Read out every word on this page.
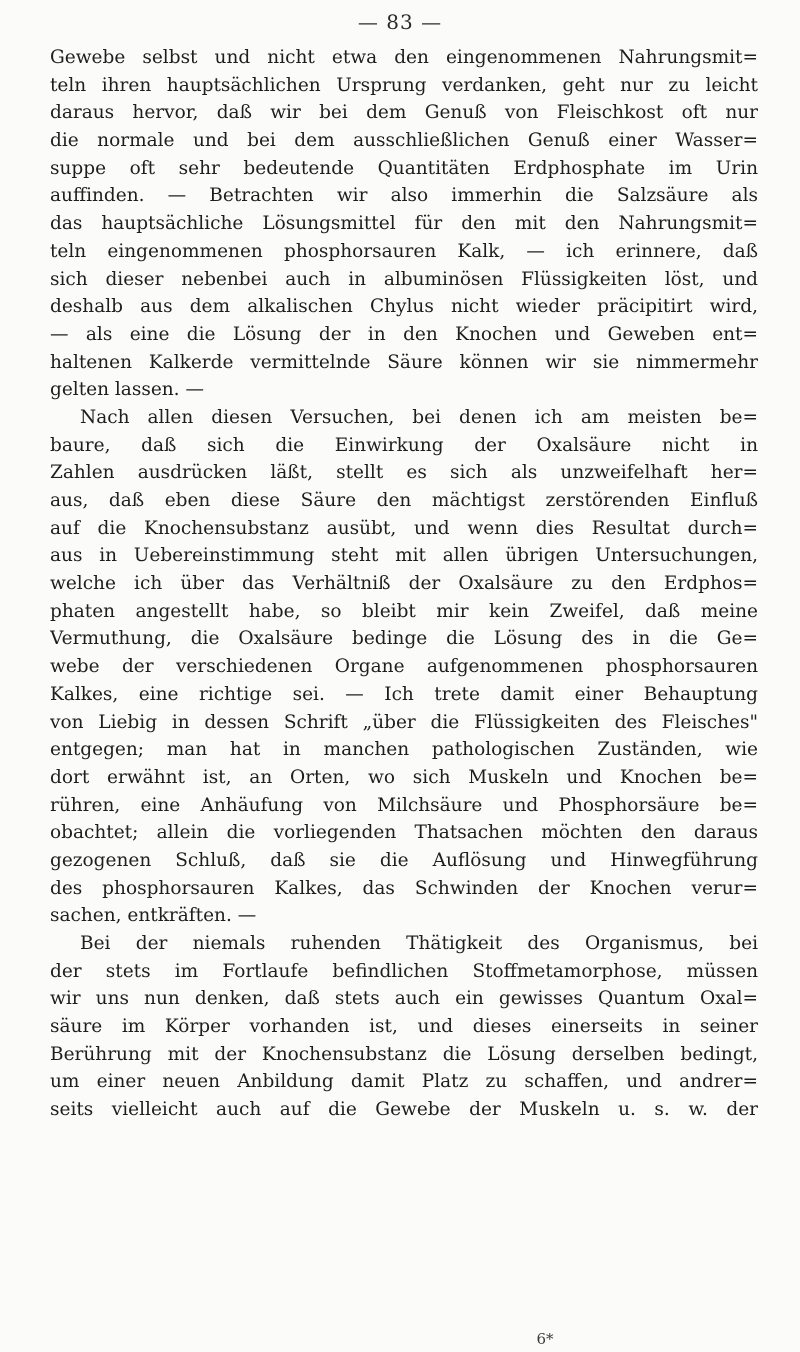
— 83 —
Gewebe selbst und nicht etwa den eingenommenen Nahrungsmit=
teln ihren hauptsächlichen Ursprung verdanken, geht nur zu leicht
daraus hervor, daß wir bei dem Genuß von Fleischkost oft nur
die normale und bei dem ausschließlichen Genuß einer Wasser=
suppe oft sehr bedeutende Quantitäten Erdphosphate im Urin
auffinden. — Betrachten wir also immerhin die Salzsäure als
das hauptsächliche Lösungsmittel für den mit den Nahrungsmit=
teln eingenommenen phosphorsauren Kalk, — ich erinnere, daß
sich dieser nebenbei auch in albuminösen Flüssigkeiten löst, und
deshalb aus dem alkalischen Chylus nicht wieder präcipitirt wird,
— als eine die Lösung der in den Knochen und Geweben ent=
haltenen Kalkerde vermittelnde Säure können wir sie nimmermehr
gelten lassen. —
Nach allen diesen Versuchen, bei denen ich am meisten be=
baure, daß sich die Einwirkung der Oxalsäure nicht in
Zahlen ausdrücken läßt, stellt es sich als unzweifelhaft her=
aus, daß eben diese Säure den mächtigst zerstörenden Einfluß
auf die Knochensubstanz ausübt, und wenn dies Resultat durch=
aus in Uebereinstimmung steht mit allen übrigen Untersuchungen,
welche ich über das Verhältniß der Oxalsäure zu den Erdphos=
phaten angestellt habe, so bleibt mir kein Zweifel, daß meine
Vermuthung, die Oxalsäure bedinge die Lösung des in die Ge=
webe der verschiedenen Organe aufgenommenen phosphorsauren
Kalkes, eine richtige sei. — Ich trete damit einer Behauptung
von Liebig in dessen Schrift „über die Flüssigkeiten des Fleisches"
entgegen; man hat in manchen pathologischen Zuständen, wie
dort erwähnt ist, an Orten, wo sich Muskeln und Knochen be=
rühren, eine Anhäufung von Milchsäure und Phosphorsäure be=
obachtet; allein die vorliegenden Thatsachen möchten den daraus
gezogenen Schluß, daß sie die Auflösung und Hinwegführung
des phosphorsauren Kalkes, das Schwinden der Knochen verur=
sachen, entkräften. —
Bei der niemals ruhenden Thätigkeit des Organismus, bei
der stets im Fortlaufe befindlichen Stoffmetamorphose, müssen
wir uns nun denken, daß stets auch ein gewisses Quantum Oxal=
säure im Körper vorhanden ist, und dieses einerseits in seiner
Berührung mit der Knochensubstanz die Lösung derselben bedingt,
um einer neuen Anbildung damit Platz zu schaffen, und andrer=
seits vielleicht auch auf die Gewebe der Muskeln u. s. w. der
6*
